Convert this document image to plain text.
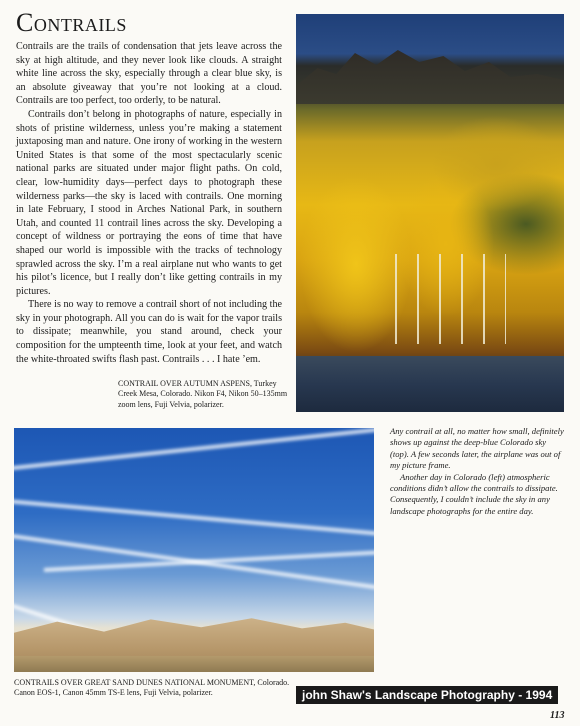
Contrails

Contrails are the trails of condensation that jets leave across the sky at high altitude, and they never look like clouds. A straight white line across the sky, especially through a clear blue sky, is an absolute giveaway that you’re not looking at a cloud. Contrails are too perfect, too orderly, to be natural.

Contrails don’t belong in photographs of nature, especially in shots of pristine wilderness, unless you’re making a statement juxtaposing man and nature. One irony of working in the western United States is that some of the most spectacularly scenic national parks are situated under major flight paths. On cold, clear, low-humidity days—perfect days to photograph these wilderness parks—the sky is laced with contrails. One morning in late February, I stood in Arches National Park, in southern Utah, and counted 11 contrail lines across the sky. Developing a concept of wildness or portraying the eons of time that have shaped our world is impossible with the tracks of technology sprawled across the sky. I’m a real airplane nut who wants to get his pilot’s licence, but I really don’t like getting contrails in my pictures.

There is no way to remove a contrail short of not including the sky in your photograph. All you can do is wait for the vapor trails to dissipate; meanwhile, you stand around, check your composition for the umpteenth time, look at your feet, and watch the white-throated swifts flash past. Contrails . . . I hate ’em.

CONTRAIL OVER AUTUMN ASPENS, Turkey Creek Mesa, Colorado. Nikon F4, Nikon 50–135mm zoom lens, Fuji Velvia, polarizer.
CONTRAILS OVER GREAT SAND DUNES NATIONAL MONUMENT, Colorado. Canon EOS-1, Canon 45mm TS-E lens, Fuji Velvia, polarizer.

Any contrail at all, no matter how small, definitely shows up against the deep-blue Colorado sky (top). A few seconds later, the airplane was out of my picture frame.

Another day in Colorado (left) atmospheric conditions didn’t allow the contrails to dissipate. Consequently, I couldn’t include the sky in any landscape photographs for the entire day.

john Shaw's Landscape Photography - 1994
113
